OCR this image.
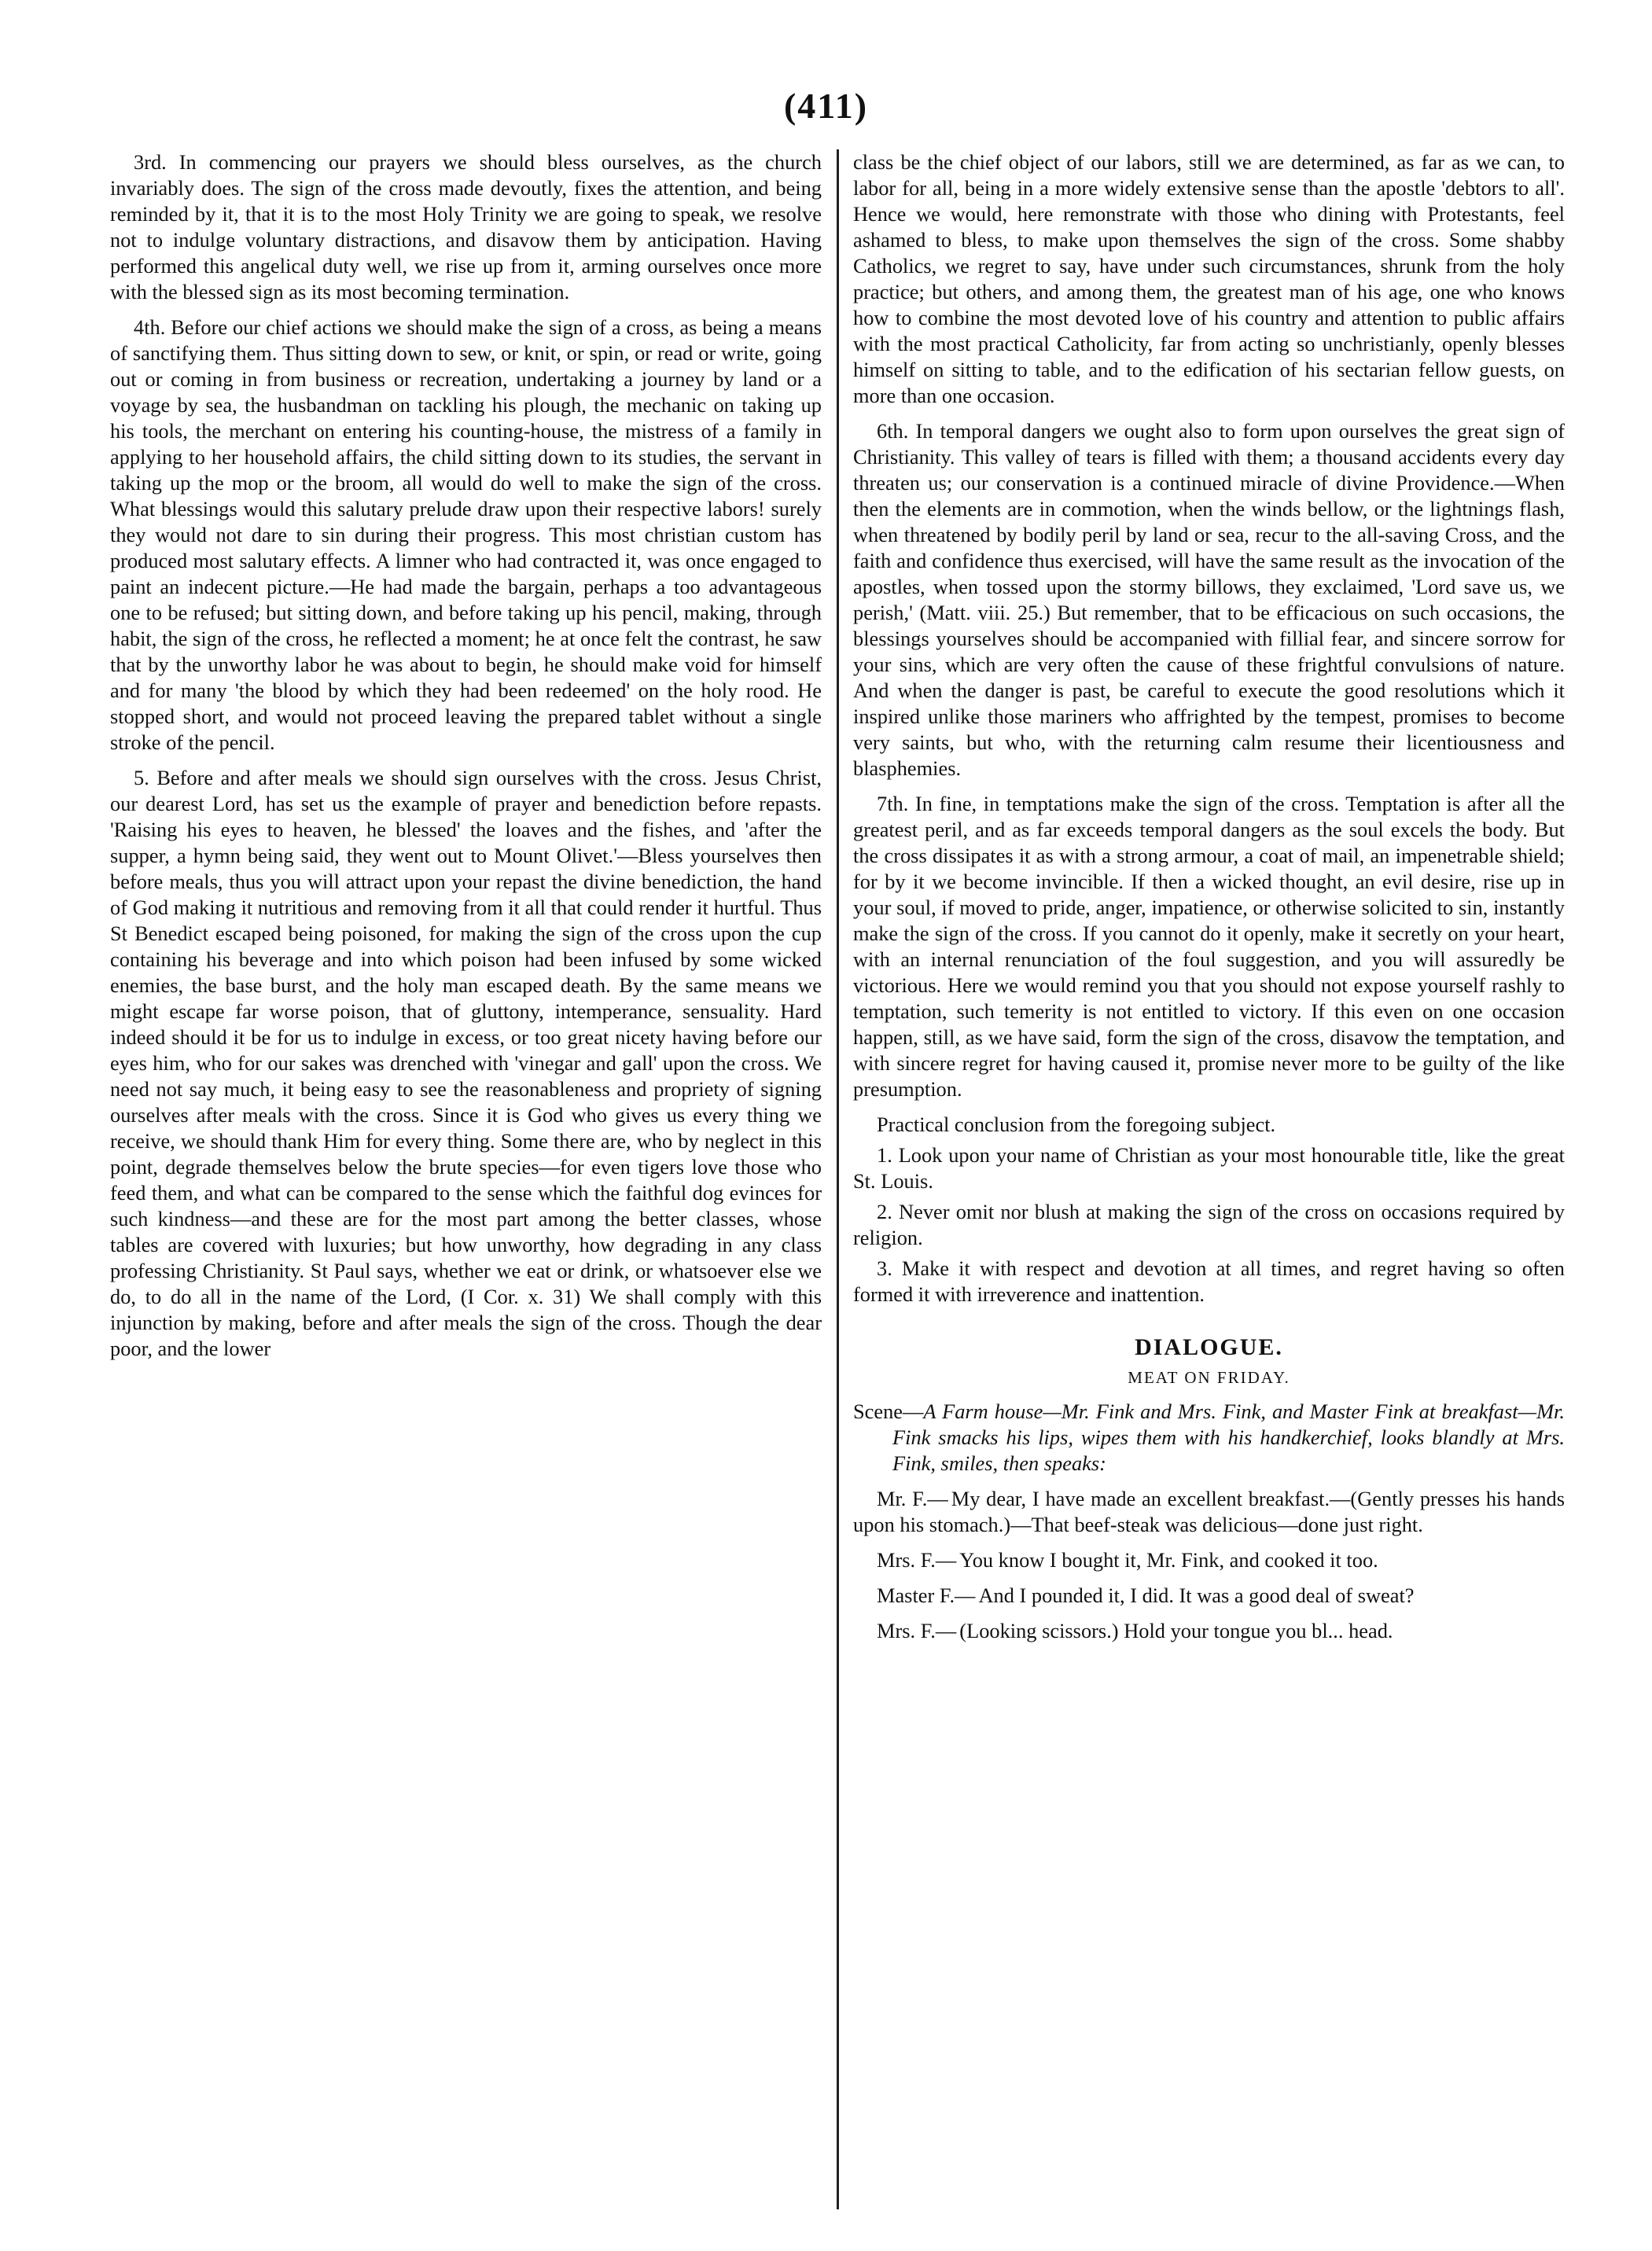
(411)

3rd. In commencing our prayers we should bless ourselves, as the church invariably does. The sign of the cross made devoutly, fixes the attention, and being reminded by it, that it is to the most Holy Trinity we are going to speak, we resolve not to indulge voluntary distractions, and disavow them by anticipation. Having performed this angelical duty well, we rise up from it, arming ourselves once more with the blessed sign as its most becoming termination.

4th. Before our chief actions we should make the sign of a cross, as being a means of sanctifying them. Thus sitting down to sew, or knit, or spin, or read or write, going out or coming in from business or recreation, undertaking a journey by land or a voyage by sea, the husbandman on tackling his plough, the mechanic on taking up his tools, the merchant on entering his counting-house, the mistress of a family in applying to her household affairs, the child sitting down to its studies, the servant in taking up the mop or the broom, all would do well to make the sign of the cross. What blessings would this salutary prelude draw upon their respective labors! surely they would not dare to sin during their progress. This most christian custom has produced most salutary effects. A limner who had contracted it, was once engaged to paint an indecent picture.—He had made the bargain, perhaps a too advantageous one to be refused; but sitting down, and before taking up his pencil, making, through habit, the sign of the cross, he reflected a moment; he at once felt the contrast, he saw that by the unworthy labor he was about to begin, he should make void for himself and for many 'the blood by which they had been redeemed' on the holy rood. He stopped short, and would not proceed leaving the prepared tablet without a single stroke of the pencil.

5. Before and after meals we should sign ourselves with the cross. Jesus Christ, our dearest Lord, has set us the example of prayer and benediction before repasts. 'Raising his eyes to heaven, he blessed' the loaves and the fishes, and 'after the supper, a hymn being said, they went out to Mount Olivet.'—Bless yourselves then before meals, thus you will attract upon your repast the divine benediction, the hand of God making it nutritious and removing from it all that could render it hurtful. Thus St Benedict escaped being poisoned, for making the sign of the cross upon the cup containing his beverage and into which poison had been infused by some wicked enemies, the base burst, and the holy man escaped death. By the same means we might escape far worse poison, that of gluttony, intemperance, sensuality. Hard indeed should it be for us to indulge in excess, or too great nicety having before our eyes him, who for our sakes was drenched with 'vinegar and gall' upon the cross. We need not say much, it being easy to see the reasonableness and propriety of signing ourselves after meals with the cross. Since it is God who gives us every thing we receive, we should thank Him for every thing. Some there are, who by neglect in this point, degrade themselves below the brute species—for even tigers love those who feed them, and what can be compared to the sense which the faithful dog evinces for such kindness—and these are for the most part among the better classes, whose tables are covered with luxuries; but how unworthy, how degrading in any class professing Christianity. St Paul says, whether we eat or drink, or whatsoever else we do, to do all in the name of the Lord, (I Cor. x. 31) We shall comply with this injunction by making, before and after meals the sign of the cross. Though the dear poor, and the lower

class be the chief object of our labors, still we are determined, as far as we can, to labor for all, being in a more widely extensive sense than the apostle 'debtors to all'. Hence we would, here remonstrate with those who dining with Protestants, feel ashamed to bless, to make upon themselves the sign of the cross. Some shabby Catholics, we regret to say, have under such circumstances, shrunk from the holy practice; but others, and among them, the greatest man of his age, one who knows how to combine the most devoted love of his country and attention to public affairs with the most practical Catholicity, far from acting so unchristianly, openly blesses himself on sitting to table, and to the edification of his sectarian fellow guests, on more than one occasion.

6th. In temporal dangers we ought also to form upon ourselves the great sign of Christianity. This valley of tears is filled with them; a thousand accidents every day threaten us; our conservation is a continued miracle of divine Providence.—When then the elements are in commotion, when the winds bellow, or the lightnings flash, when threatened by bodily peril by land or sea, recur to the all-saving Cross, and the faith and confidence thus exercised, will have the same result as the invocation of the apostles, when tossed upon the stormy billows, they exclaimed, 'Lord save us, we perish,' (Matt. viii. 25.) But remember, that to be efficacious on such occasions, the blessings yourselves should be accompanied with fillial fear, and sincere sorrow for your sins, which are very often the cause of these frightful convulsions of nature. And when the danger is past, be careful to execute the good resolutions which it inspired unlike those mariners who affrighted by the tempest, promises to become very saints, but who, with the returning calm resume their licentiousness and blasphemies.

7th. In fine, in temptations make the sign of the cross. Temptation is after all the greatest peril, and as far exceeds temporal dangers as the soul excels the body. But the cross dissipates it as with a strong armour, a coat of mail, an impenetrable shield; for by it we become invincible. If then a wicked thought, an evil desire, rise up in your soul, if moved to pride, anger, impatience, or otherwise solicited to sin, instantly make the sign of the cross. If you cannot do it openly, make it secretly on your heart, with an internal renunciation of the foul suggestion, and you will assuredly be victorious. Here we would remind you that you should not expose yourself rashly to temptation, such temerity is not entitled to victory. If this even on one occasion happen, still, as we have said, form the sign of the cross, disavow the temptation, and with sincere regret for having caused it, promise never more to be guilty of the like presumption.

Practical conclusion from the foregoing subject.

1. Look upon your name of Christian as your most honourable title, like the great St. Louis.

2. Never omit nor blush at making the sign of the cross on occasions required by religion.

3. Make it with respect and devotion at all times, and regret having so often formed it with irreverence and inattention.

DIALOGUE.
MEAT ON FRIDAY.

Scene—A Farm house—Mr. Fink and Mrs. Fink, and Master Fink at breakfast—Mr. Fink smacks his lips, wipes them with his handkerchief, looks blandly at Mrs. Fink, smiles, then speaks:

Mr. F.— My dear, I have made an excellent breakfast.—(Gently presses his hands upon his stomach.)—That beef-steak was delicious—done just right.

Mrs. F.— You know I bought it, Mr. Fink, and cooked it too.

Master F.— And I pounded it, I did. It was a good deal of sweat?

Mrs. F.— (Looking scissors.) Hold your tongue you bl... head.
